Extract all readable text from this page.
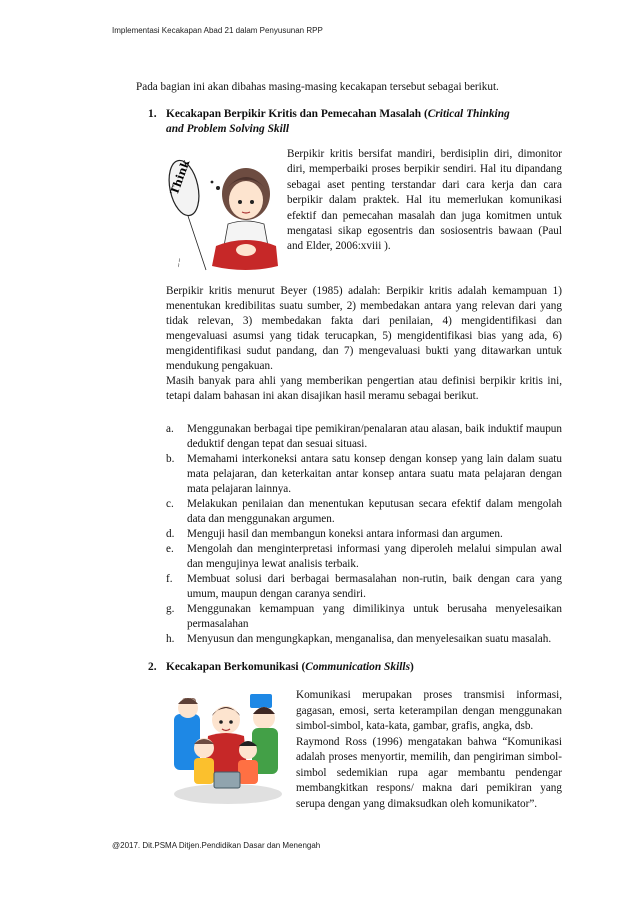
Implementasi Kecakapan Abad 21 dalam Penyusunan RPP
Pada bagian ini akan dibahas masing-masing kecakapan tersebut sebagai berikut.
1. Kecakapan Berpikir Kritis dan Pemecahan Masalah (Critical Thinking
and Problem Solving Skill
Think
~~
Berpikir kritis bersifat mandiri, berdisiplin diri, dimonitor diri, memperbaiki proses berpikir sendiri. Hal itu dipandang sebagai aset penting terstandar dari cara kerja dan cara berpikir dalam praktek. Hal itu memerlukan komunikasi efektif dan pemecahan masalah dan juga komitmen untuk mengatasi sikap egosentris dan sosiosentris bawaan (Paul and Elder, 2006:xviii ).
Berpikir kritis menurut Beyer (1985) adalah: Berpikir kritis adalah kemampuan 1) menentukan kredibilitas suatu sumber, 2) membedakan antara yang relevan dari yang tidak relevan, 3) membedakan fakta dari penilaian, 4) mengidentifikasi dan mengevaluasi asumsi yang tidak terucapkan, 5) mengidentifikasi bias yang ada, 6) mengidentifikasi sudut pandang, dan 7) mengevaluasi bukti yang ditawarkan untuk mendukung pengakuan.
Masih banyak para ahli yang memberikan pengertian atau definisi berpikir kritis ini, tetapi dalam bahasan ini akan disajikan hasil meramu sebagai berikut.
a. Menggunakan berbagai tipe pemikiran/penalaran atau alasan, baik induktif maupun deduktif dengan tepat dan sesuai situasi.
b. Memahami interkoneksi antara satu konsep dengan konsep yang lain dalam suatu mata pelajaran, dan keterkaitan antar konsep antara suatu mata pelajaran dengan mata pelajaran lainnya.
c. Melakukan penilaian dan menentukan keputusan secara efektif dalam mengolah data dan menggunakan argumen.
d. Menguji hasil dan membangun koneksi antara informasi dan argumen.
e. Mengolah dan menginterpretasi informasi yang diperoleh melalui simpulan awal dan mengujinya lewat analisis terbaik.
f. Membuat solusi dari berbagai bermasalahan non-rutin, baik dengan cara yang umum, maupun dengan caranya sendiri.
g. Menggunakan kemampuan yang dimilikinya untuk berusaha menyelesaikan permasalahan
h. Menyusun dan mengungkapkan, menganalisa, dan menyelesaikan suatu masalah.
2. Kecakapan Berkomunikasi (Communication Skills)
Komunikasi merupakan proses transmisi informasi, gagasan, emosi, serta keterampilan dengan menggunakan simbol-simbol, kata-kata, gambar, grafis, angka, dsb.
Raymond Ross (1996) mengatakan bahwa “Komunikasi adalah proses menyortir, memilih, dan pengiriman simbol-simbol sedemikian rupa agar membantu pendengar membangkitkan respons/ makna dari pemikiran yang serupa dengan yang dimaksudkan oleh komunikator”.
@2017. Dit.PSMA Ditjen.Pendidikan Dasar dan Menengah
